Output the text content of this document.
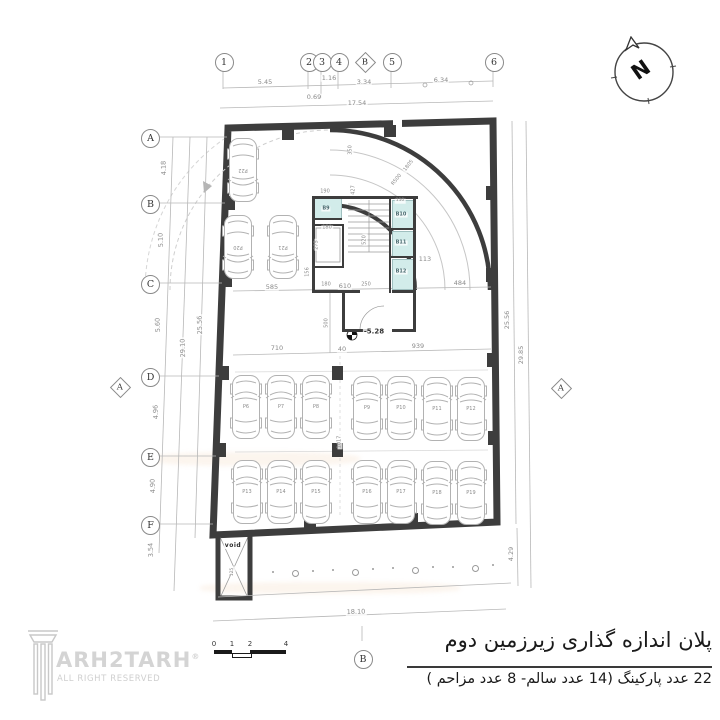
1	2 3	4	B	5	6
A
B
C
D
E
F
B
A	A
5.45
0.69
1.16	3.34	6.34
17.54
4.18
5.10
5.60
4.96
4.90
3.54
29.10
25.56	25.56
29.85
4.29
585	610	484
113
190
180
275
520
180	250
156
350
427
1805
R500
110
B9
B10
B11
B12
-5.28
500
710	40	939
1017
18.10
void
125
P6	P7	P8	P9	P10	P11	P12
P13	P14	P15	P16	P17	P18	P19
P20	P21
P22
N
ARH2TARH®
ALL RIGHT RESERVED
0 1 2	4	پلان اندازه گذاری زیرزمین دوم
22 عدد پارکینگ (14 عدد سالم- 8 عدد مزاحم )
